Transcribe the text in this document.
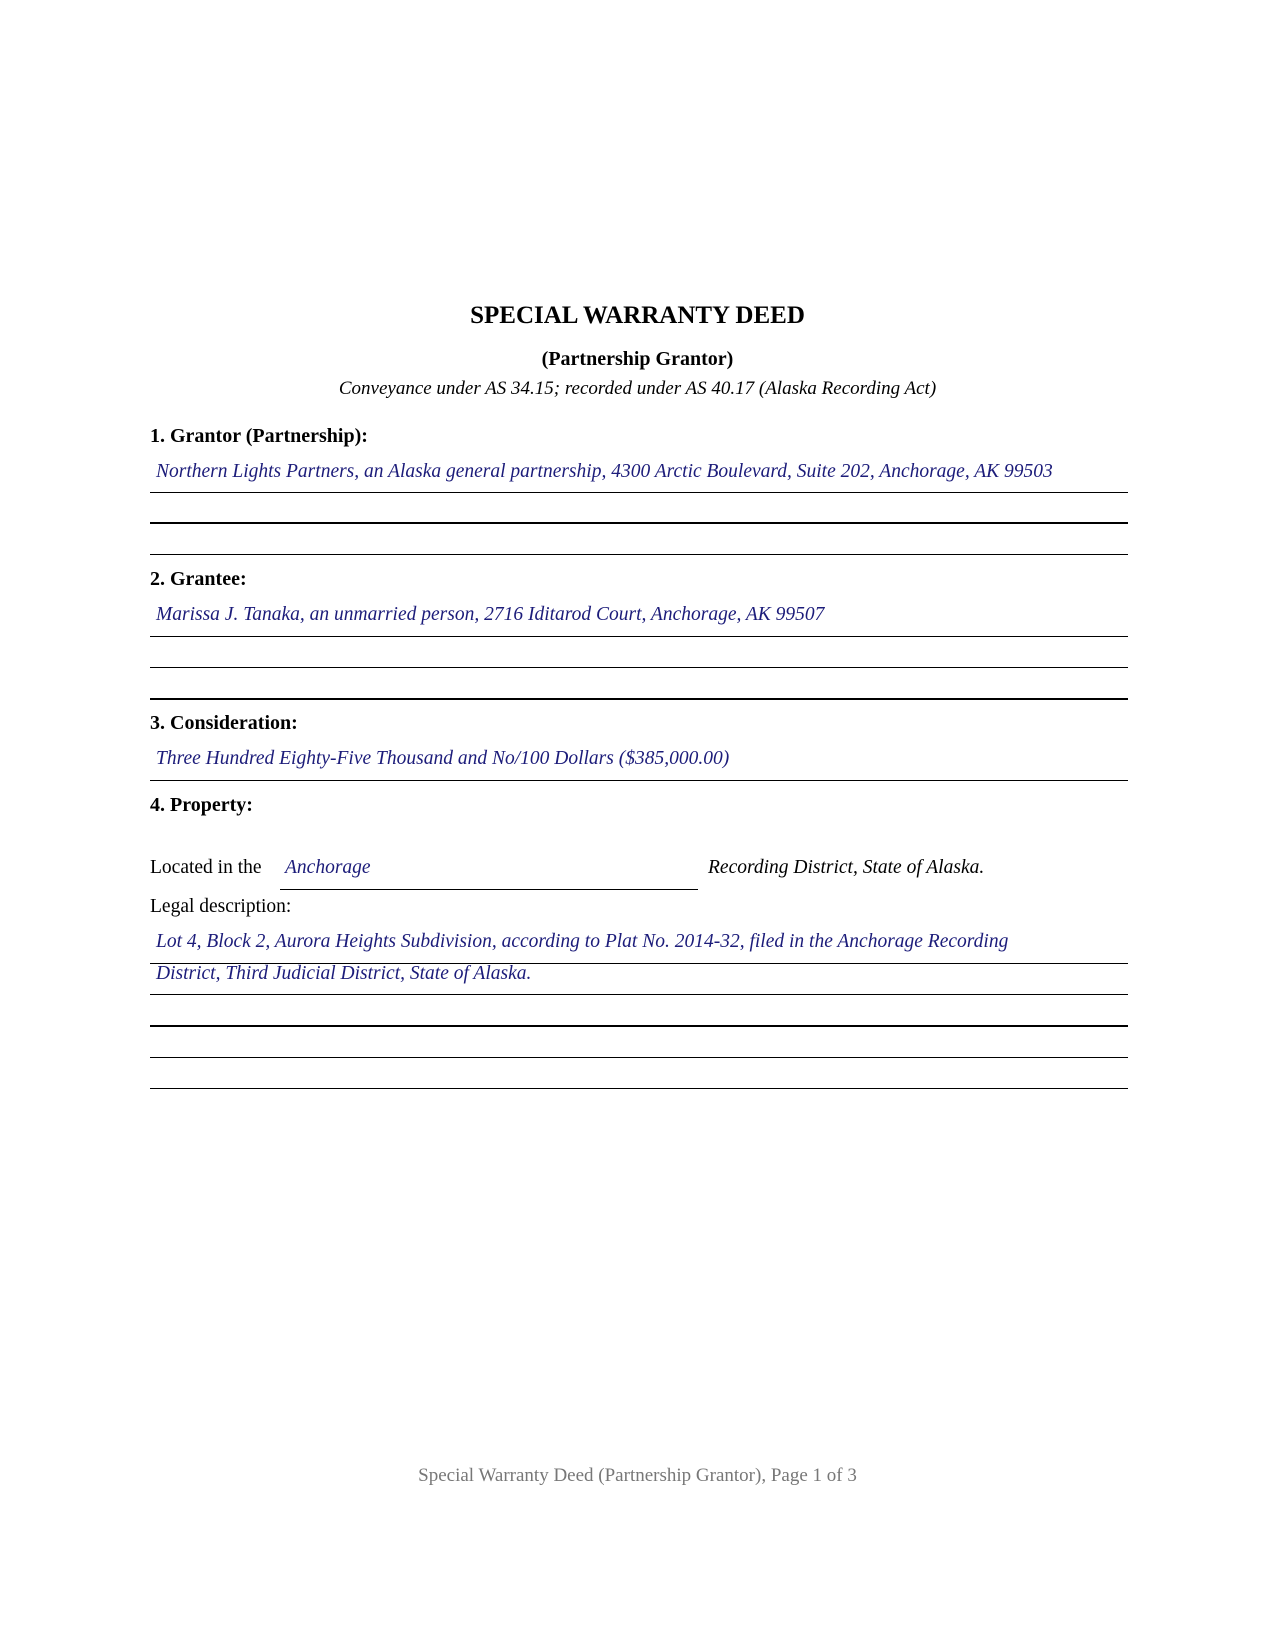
SPECIAL WARRANTY DEED
(Partnership Grantor)
Conveyance under AS 34.15; recorded under AS 40.17 (Alaska Recording Act)
1. Grantor (Partnership):
Northern Lights Partners, an Alaska general partnership, 4300 Arctic Boulevard, Suite 202, Anchorage, AK 99503
2. Grantee:
Marissa J. Tanaka, an unmarried person, 2716 Iditarod Court, Anchorage, AK 99507
3. Consideration:
Three Hundred Eighty-Five Thousand and No/100 Dollars ($385,000.00)
4. Property:
Located in the Anchorage	Recording District, State of Alaska.
Legal description:
Lot 4, Block 2, Aurora Heights Subdivision, according to Plat No. 2014-32, filed in the Anchorage Recording
District, Third Judicial District, State of Alaska.
Special Warranty Deed (Partnership Grantor), Page 1 of 3
